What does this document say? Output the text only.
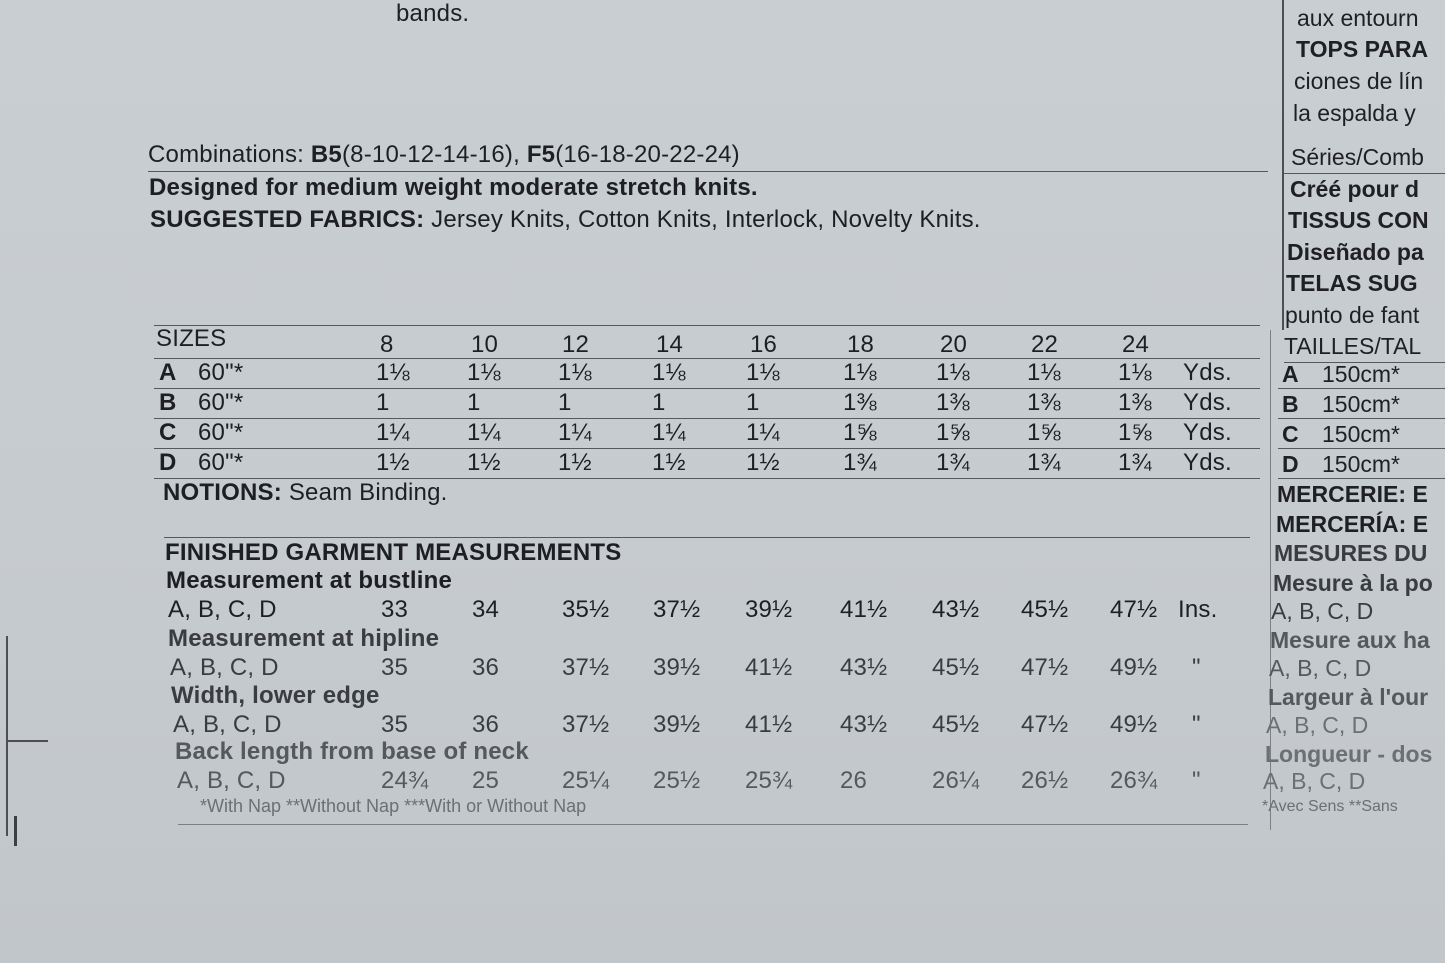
bands.
Combinations: B5(8-10-12-14-16), F5(16-18-20-22-24)
Designed for medium weight moderate stretch knits.
SUGGESTED FABRICS: Jersey Knits, Cotton Knits, Interlock, Novelty Knits.
SIZES	8	10	12	14	16	18	20	22	24
A 60"*	1⅛ 1⅛ 1⅛	1⅛	1⅛	1⅛ 1⅛ 1⅛ 1⅛ Yds.
B 60"*	1	1	1	1	1	1⅜ 1⅜ 1⅜ 1⅜ Yds.
C 60"*	1¼ 1¼ 1¼	1¼	1¼	1⅝ 1⅝ 1⅝ 1⅝ Yds.
D 60"*	1½ 1½ 1½	1½	1½	1¾ 1¾ 1¾ 1¾ Yds.
NOTIONS: Seam Binding.
FINISHED GARMENT MEASUREMENTS
Measurement at bustline
A, B, C, D	33	34	35½ 37½ 39½ 41½ 43½ 45½ 47½ Ins.
Measurement at hipline
A, B, C, D	35	36	37½ 39½ 41½ 43½ 45½ 47½ 49½ "
Width, lower edge
A, B, C, D	35	36	37½ 39½ 41½ 43½ 45½ 47½ 49½ "
Back length from base of neck
A, B, C, D	24¾ 25	25¼ 25½ 25¾ 26	26¼ 26½ 26¾ "
*With Nap **Without Nap ***With or Without Nap
aux entourn
TOPS PARA
ciones de lín
la espalda y
Séries/Comb
Créé pour d
TISSUS CON
Diseñado pa
TELAS SUG
punto de fant
TAILLES/TAL
A 150cm*
B 150cm*
C 150cm*
D 150cm*
MERCERIE: E
MERCERÍA: E
MESURES DU
Mesure à la po
A, B, C, D
Mesure aux ha
A, B, C, D
Largeur à l'our
A, B, C, D
Longueur - dos
A, B, C, D
*Avec Sens **Sans
